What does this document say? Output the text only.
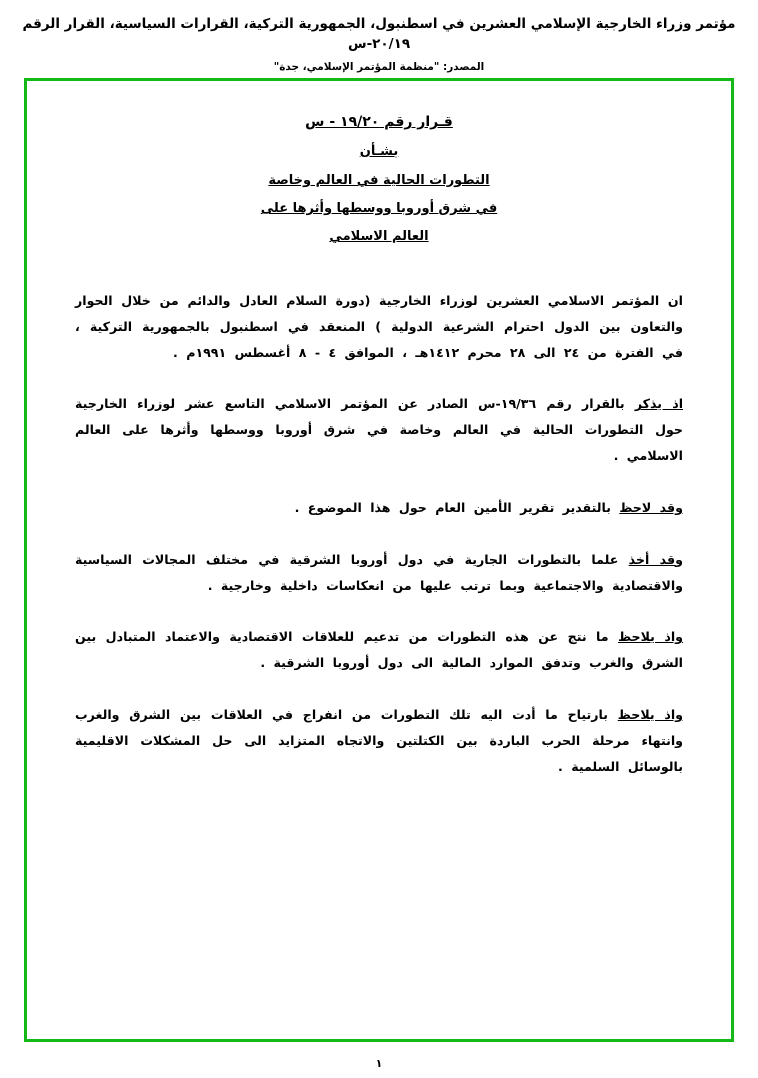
مؤتمر وزراء الخارجية الإسلامي العشرين في اسطنبول، الجمهورية التركية، القرارات السياسية، القرار الرقم ٢٠/١٩-س
المصدر: "منظمة المؤتمر الإسلامي، جدة"
قـرار رقم ١٩/٢٠ - س
بشـأن
التطورات الحالية في العالم وخاصة
في شرق أوروبا ووسطها وأثرها على
العالم الاسلامي

ان المؤتمر الاسلامي العشرين لوزراء الخارجية (دورة السلام العادل والدائم من خلال الحوار والتعاون بين الدول احترام الشرعية الدولية ) المنعقد في اسطنبول بالجمهورية التركية ، في الفترة من ٢٤ الى ٢٨ محرم ١٤١٢هـ ، الموافق ٤ - ٨ أغسطس ١٩٩١م .

اذ يذكر بالقرار رقم ١٩/٣٦-س الصادر عن المؤتمر الاسلامي التاسع عشر لوزراء الخارجية حول التطورات الحالية في العالم وخاصة في شرق أوروبا ووسطها وأثرها على العالم الاسلامي .

وقد لاحظ بالتقدير تقرير الأمين العام حول هذا الموضوع .

وقد أخذ علما بالتطورات الجارية في دول أوروبا الشرقية في مختلف المجالات السياسية والاقتصادية والاجتماعية وبما ترتب عليها من انعكاسات داخلية وخارجية .

واذ يلاحظ ما نتج عن هذه التطورات من تدعيم للعلاقات الاقتصادية والاعتماد المتبادل بين الشرق والغرب وتدفق الموارد المالية الى دول أوروبا الشرقية .

واذ يلاحظ بارتياح ما أدت اليه تلك التطورات من انفراج في العلاقات بين الشرق والغرب وانتهاء مرحلة الحرب الباردة بين الكتلتين والاتجاه المتزايد الى حل المشكلات الاقليمية بالوسائل السلمية .

١
